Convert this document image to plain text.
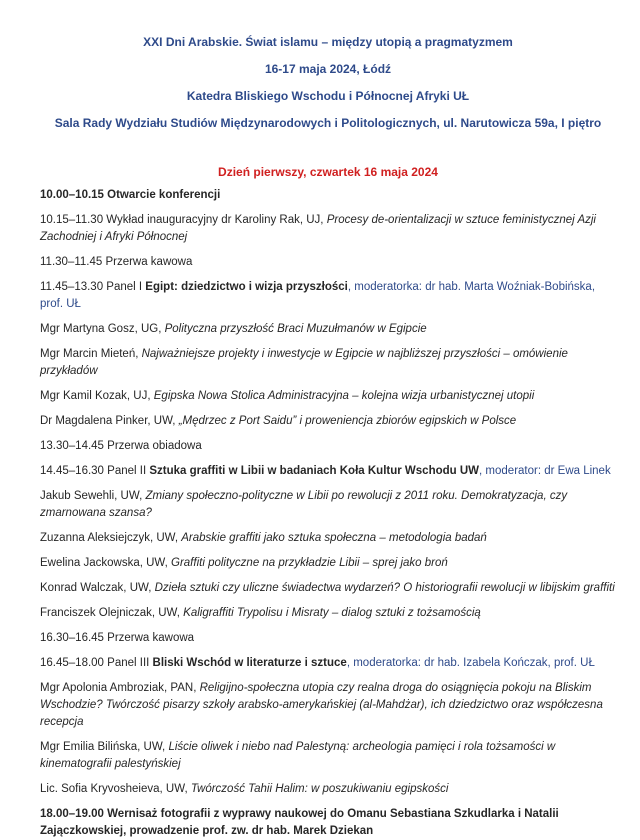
XXI Dni Arabskie. Świat islamu – między utopią a pragmatyzmem

16-17 maja 2024, Łódź

Katedra Bliskiego Wschodu i Północnej Afryki UŁ

Sala Rady Wydziału Studiów Międzynarodowych i Politologicznych, ul. Narutowicza 59a, I piętro

Dzień pierwszy, czwartek 16 maja 2024

10.00–10.15 Otwarcie konferencji

10.15–11.30 Wykład inauguracyjny dr Karoliny Rak, UJ, Procesy de-orientalizacji w sztuce feministycznej Azji Zachodniej i Afryki Północnej

11.30–11.45 Przerwa kawowa

11.45–13.30 Panel I Egipt: dziedzictwo i wizja przyszłości, moderatorka: dr hab. Marta Woźniak-Bobińska, prof. UŁ

Mgr Martyna Gosz, UG, Polityczna przyszłość Braci Muzułmanów w Egipcie

Mgr Marcin Mieteń, Najważniejsze projekty i inwestycje w Egipcie w najbliższej przyszłości – omówienie przykładów

Mgr Kamil Kozak, UJ, Egipska Nowa Stolica Administracyjna – kolejna wizja urbanistycznej utopii

Dr Magdalena Pinker, UW, „Mędrzec z Port Saidu” i proweniencja zbiorów egipskich w Polsce

13.30–14.45 Przerwa obiadowa

14.45–16.30 Panel II Sztuka graffiti w Libii w badaniach Koła Kultur Wschodu UW, moderator: dr Ewa Linek

Jakub Sewehli, UW, Zmiany społeczno-polityczne w Libii po rewolucji z 2011 roku. Demokratyzacja, czy zmarnowana szansa?

Zuzanna Aleksiejczyk, UW, Arabskie graffiti jako sztuka społeczna – metodologia badań

Ewelina Jackowska, UW, Graffiti polityczne na przykładzie Libii – sprej jako broń

Konrad Walczak, UW, Dzieła sztuki czy uliczne świadectwa wydarzeń? O historiografii rewolucji w libijskim graffiti

Franciszek Olejniczak, UW, Kaligraffiti Trypolisu i Misraty – dialog sztuki z tożsamością

16.30–16.45 Przerwa kawowa

16.45–18.00 Panel III Bliski Wschód w literaturze i sztuce, moderatorka: dr hab. Izabela Kończak, prof. UŁ

Mgr Apolonia Ambroziak, PAN, Religijno-społeczna utopia czy realna droga do osiągnięcia pokoju na Bliskim Wschodzie? Twórczość pisarzy szkoły arabsko-amerykańskiej (al-Mahdżar), ich dziedzictwo oraz współczesna recepcja

Mgr Emilia Bilińska, UW, Liście oliwek i niebo nad Palestyną: archeologia pamięci i rola tożsamości w kinematografii palestyńskiej

Lic. Sofia Kryvosheieva, UW, Twórczość Tahii Halim: w poszukiwaniu egipskości

18.00–19.00 Wernisaż fotografii z wyprawy naukowej do Omanu Sebastiana Szkudlarka i Natalii Zajączkowskiej, prowadzenie prof. zw. dr hab. Marek Dziekan
